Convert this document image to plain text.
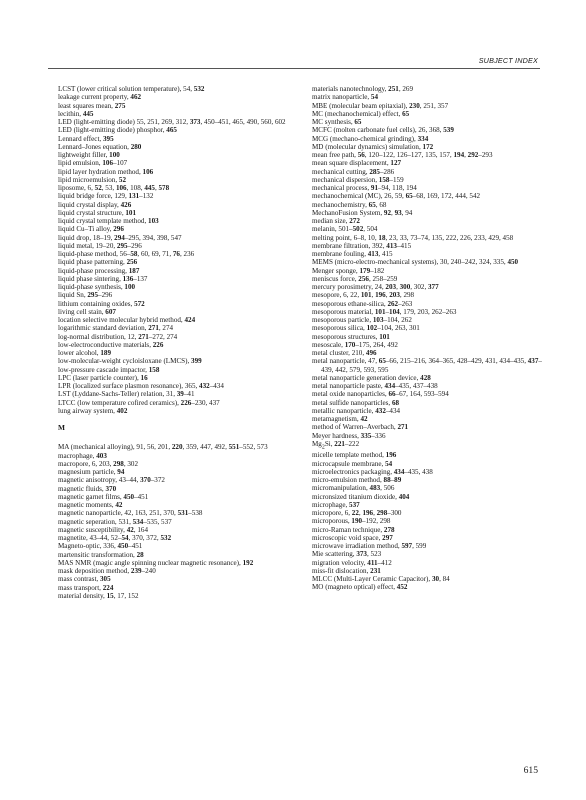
SUBJECT INDEX
LCST (lower critical solution temperature), 54, 532
leakage current property, 462
least squares mean, 275
lecithin, 445
LED (light-emitting diode) 55, 251, 269, 312, 373, 450–451, 465, 490, 560, 602
LED (light-emitting diode) phosphor, 465
Lennard effect, 395
Lennard–Jones equation, 280
lightweight filler, 100
lipid emulsion, 106–107
lipid layer hydration method, 106
lipid microemulsion, 52
liposome, 6, 52, 53, 106, 108, 445, 578
liquid bridge force, 129, 131–132
liquid crystal display, 426
liquid crystal structure, 101
liquid crystal template method, 103
liquid Cu–Ti alloy, 296
liquid drop, 18–19, 294–295, 394, 398, 547
liquid metal, 19–20, 295–296
liquid-phase method, 56–58, 60, 69, 71, 76, 236
liquid phase patterning, 256
liquid-phase processing, 187
liquid phase sintering, 136–137
liquid-phase synthesis, 100
liquid Sn, 295–296
lithium containing oxides, 572
living cell stain, 607
location selective molecular hybrid method, 424
logarithmic standard deviation, 271, 274
log-normal distribution, 12, 271–272, 274
low-electroconductive materials, 226
lower alcohol, 189
low-molecular-weight cycloisloxane (LMCS), 399
low-pressure cascade impactor, 158
LPC (laser particle counter), 16
LPR (localized surface plasmon resonance), 365, 432–434
LST (Lyddane-Sachs-Teller) relation, 31, 39–41
LTCC (low temperature cofired ceramics), 226–230, 437
lung airway system, 402
M
MA (mechanical alloying), 91, 56, 201, 220, 359, 447, 492, 551–552, 573
macrophage, 403
macropore, 6, 203, 298, 302
magnesium particle, 94
magnetic anisotropy, 43–44, 370–372
magnetic fluids, 370
magnetic garnet films, 450–451
magnetic moments, 42
magnetic nanoparticle, 42, 163, 251, 370, 531–538
magnetic seperation, 531, 534–535, 537
magnetic susceptibility, 42, 164
magnetite, 43–44, 52–54, 370, 372, 532
Magneto-optic, 336, 450–451
martensitic transformation, 28
MAS NMR (magic angle spinning nuclear magnetic resonance), 192
mask deposition method, 239–240
mass contrast, 305
mass transport, 224
material density, 15, 17, 152
materials nanotechnology, 251, 269
matrix nanoparticle, 54
MBE (molecular beam epitaxial), 230, 251, 357
MC (mechanochemical) effect, 65
MC synthesis, 65
MCFC (molten carbonate fuel cells), 26, 368, 539
MCG (mechano-chemical grinding), 334
MD (molecular dynamics) simulation, 172
mean free path, 56, 120–122, 126–127, 135, 157, 194, 292–293
mean square displacement, 127
mechanical cutting, 285–286
mechanical dispersion, 158–159
mechanical process, 91–94, 118, 194
mechanochemical (MC), 26, 59, 65–68, 169, 172, 444, 542
mechanochemistry, 65, 68
MechanoFusion System, 92, 93, 94
median size, 272
melanin, 501–502, 504
melting point, 6–8, 10, 18, 23, 33, 73–74, 135, 222, 226, 233, 429, 458
membrane filtration, 392, 413–415
membrane fouling, 413, 415
MEMS (micro-electro-mechanical systems), 30, 240–242, 324, 335, 450
Menger sponge, 179–182
meniscus force, 256, 258–259
mercury porosimetry, 24, 203, 300, 302, 377
mesopore, 6, 22, 101, 196, 203, 298
mesoporous ethane-silica, 262–263
mesoporous material, 101–104, 179, 203, 262–263
mesoporous particle, 103–104, 262
mesoporous silica, 102–104, 263, 301
mesoporous structures, 101
mesoscale, 170–175, 264, 492
metal cluster, 210, 496
metal nanoparticle, 47, 65–66, 215–216, 364–365, 428–429, 431, 434–435, 437–439, 442, 579, 593, 595
metal nanoparticle generation device, 428
metal nanoparticle paste, 434–435, 437–438
metal oxide nanoparticles, 66–67, 164, 593–594
metal sulfide nanoparticles, 68
metallic nanoparticle, 432–434
metamagnetism, 42
method of Warren–Averbach, 271
Meyer hardness, 335–336
$Mg_2Si$, 221–222
micelle template method, 196
microcapsule membrane, 54
microelectronics packaging, 434–435, 438
micro-emulsion method, 88–89
micromanipulation, 483, 506
micronsized titanium dioxide, 404
microphage, 537
micropore, 6, 22, 196, 298–300
microporous, 190–192, 298
micro-Raman technique, 278
microscopic void space, 297
microwave irradiation method, 597, 599
Mie scattering, 373, 523
migration velocity, 411–412
miss-fit dislocation, 231
MLCC (Multi-Layer Ceramic Capacitor), 30, 84
MO (magneto optical) effect, 452
615
